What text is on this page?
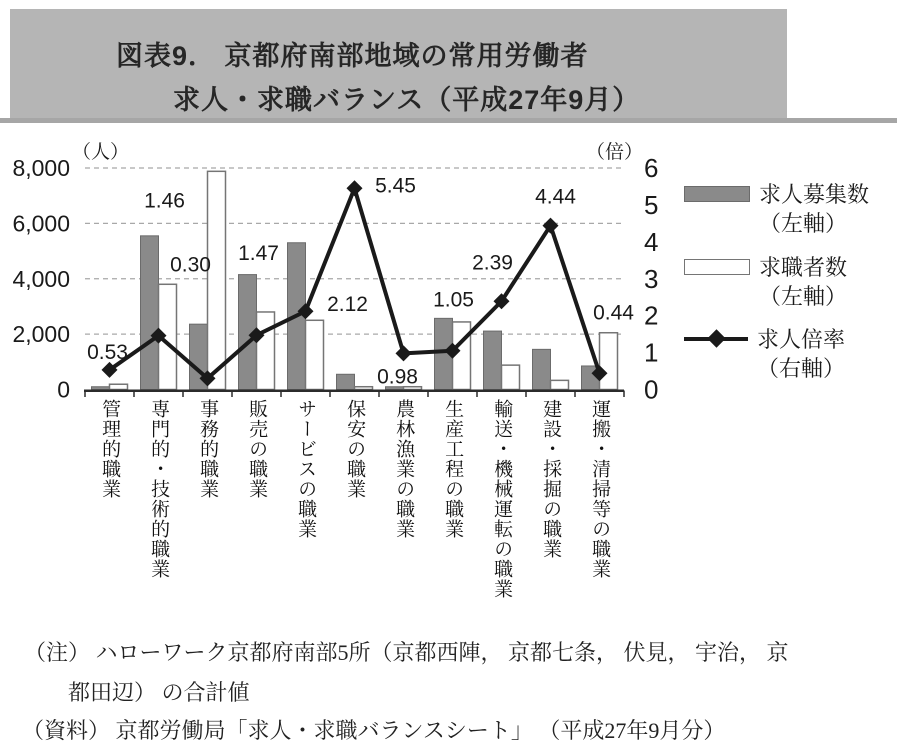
図表9． 京都府南部地域の常用労働者
求人・求職バランス（平成27年9月）
0.53
1.46
0.30 1.47
2.12
5.45
0.98
1.05
2.39
4.44
0.44
8,000
6,000
4,000
2,000
0
6
5
4
3
2
1
0
（人）	（倍）
管理的職業 専門的・技術的職業 事務的職業 販売の職業 サービスの職業 保安の職業 農林漁業の職業 生産工程の職業 輸送・機械運転の職業 建設・採掘の職業 運搬・清掃等の職業
求人募集数
（左軸）
求職者数
（左軸）
求人倍率
（右軸）
（注） ハローワーク京都府南部5所（京都西陣， 京都七条， 伏見， 宇治， 京
都田辺） の合計値
（資料） 京都労働局「求人・求職バランスシート」 （平成27年9月分）
